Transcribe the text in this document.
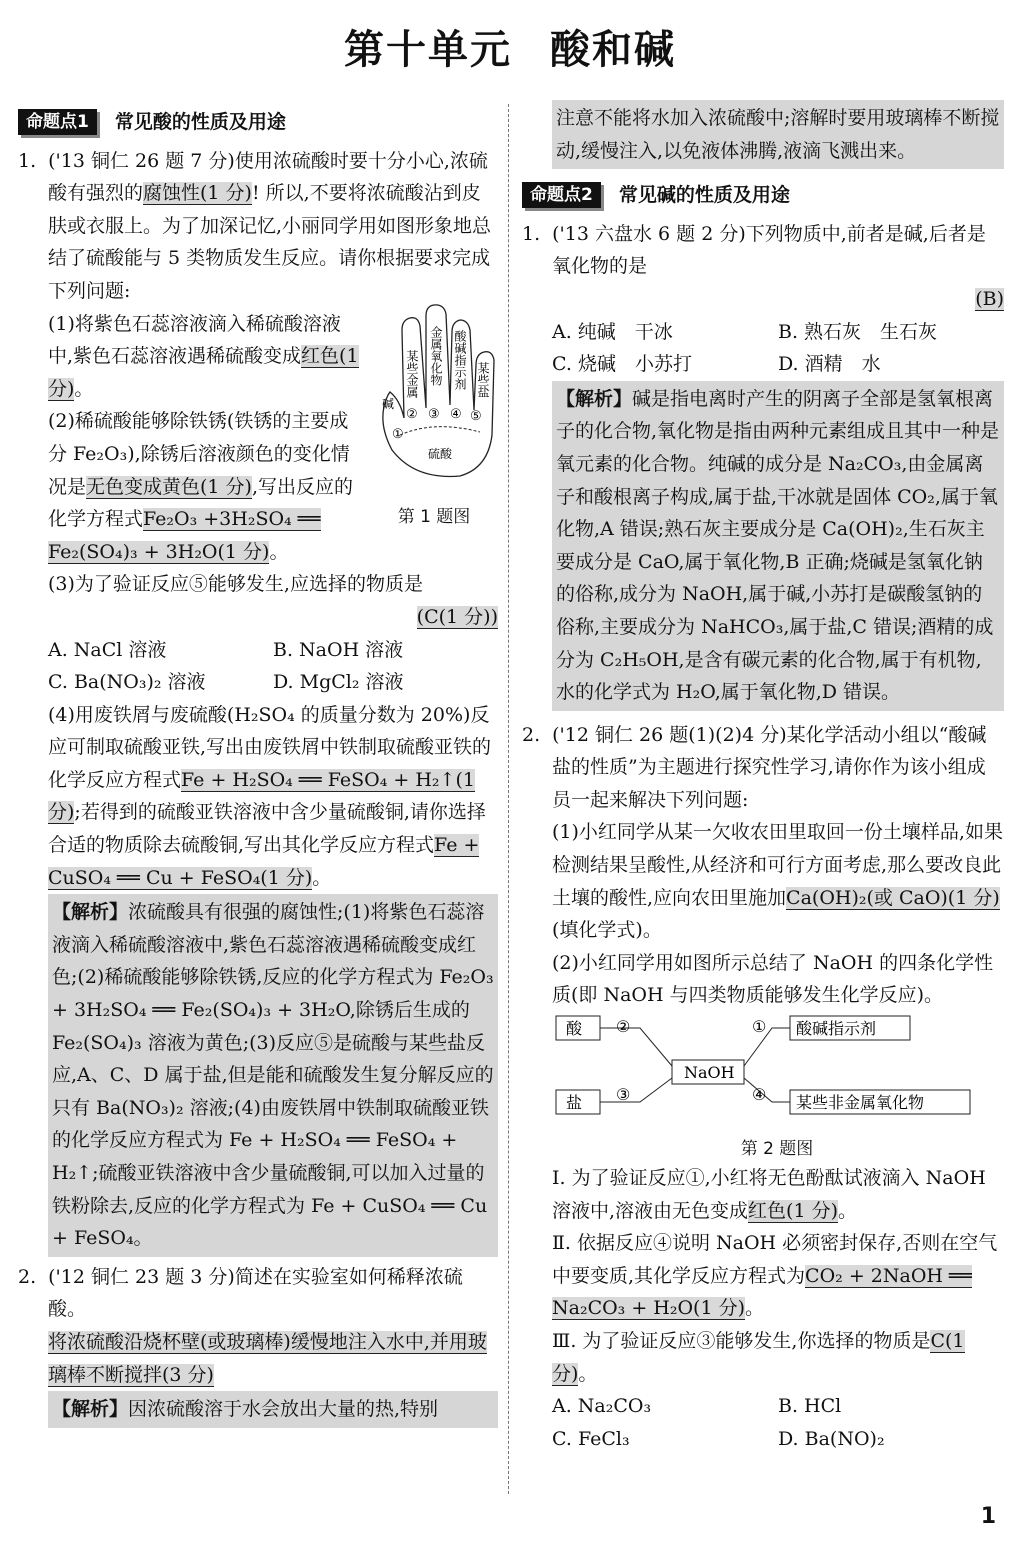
第十单元 酸和碱
命题点1	常见酸的性质及用途

1. ('13 铜仁 26 题 7 分)使用浓硫酸时要十分小心,浓硫酸有强烈的腐蚀性(1 分)! 所以,不要将浓硫酸沾到皮肤或衣服上。为了加深记忆,小丽同学用如图形象地总结了硫酸能与 5 类物质发生反应。请你根据要求完成下列问题:

某些金属 金属氧化物 酸碱指示剂 某些盐
碱
硫酸
①
② ③ ④ ⑤
第 1 题图

(1)将紫色石蕊溶液滴入稀硫酸溶液中,紫色石蕊溶液遇稀硫酸变成红色(1 分)。

(2)稀硫酸能够除铁锈(铁锈的主要成分 Fe₂O₃),除锈后溶液颜色的变化情况是无色变成黄色(1 分),写出反应的化学方程式Fe₂O₃ +3H₂SO₄ ══ Fe₂(SO₄)₃ + 3H₂O(1 分)。

(3)为了验证反应⑤能够发生,应选择的物质是

(C(1 分))

A. NaCl 溶液	B. NaOH 溶液
C. Ba(NO₃)₂ 溶液	D. MgCl₂ 溶液

(4)用废铁屑与废硫酸(H₂SO₄ 的质量分数为 20%)反应可制取硫酸亚铁,写出由废铁屑中铁制取硫酸亚铁的化学反应方程式Fe + H₂SO₄ ══ FeSO₄ + H₂↑(1 分);若得到的硫酸亚铁溶液中含少量硫酸铜,请你选择合适的物质除去硫酸铜,写出其化学反应方程式Fe + CuSO₄ ══ Cu + FeSO₄(1 分)。

【解析】浓硫酸具有很强的腐蚀性;(1)将紫色石蕊溶液滴入稀硫酸溶液中,紫色石蕊溶液遇稀硫酸变成红色;(2)稀硫酸能够除铁锈,反应的化学方程式为 Fe₂O₃ + 3H₂SO₄ ══ Fe₂(SO₄)₃ + 3H₂O,除锈后生成的 Fe₂(SO₄)₃ 溶液为黄色;(3)反应⑤是硫酸与某些盐反应,A、C、D 属于盐,但是能和硫酸发生复分解反应的只有 Ba(NO₃)₂ 溶液;(4)由废铁屑中铁制取硫酸亚铁的化学反应方程式为 Fe + H₂SO₄ ══ FeSO₄ + H₂↑;硫酸亚铁溶液中含少量硫酸铜,可以加入过量的铁粉除去,反应的化学方程式为 Fe + CuSO₄ ══ Cu + FeSO₄。

2. ('12 铜仁 23 题 3 分)简述在实验室如何稀释浓硫酸。

将浓硫酸沿烧杯壁(或玻璃棒)缓慢地注入水中,并用玻璃棒不断搅拌(3 分)

【解析】因浓硫酸溶于水会放出大量的热,特别
注意不能将水加入浓硫酸中;溶解时要用玻璃棒不断搅动,缓慢注入,以免液体沸腾,液滴飞溅出来。
命题点2	常见碱的性质及用途

1. ('13 六盘水 6 题 2 分)下列物质中,前者是碱,后者是氧化物的是

(B)

A. 纯碱　干冰	B. 熟石灰　生石灰
C. 烧碱　小苏打	D. 酒精　水
【解析】碱是指电离时产生的阴离子全部是氢氧根离子的化合物,氧化物是指由两种元素组成且其中一种是氧元素的化合物。纯碱的成分是 Na₂CO₃,由金属离子和酸根离子构成,属于盐,干冰就是固体 CO₂,属于氧化物,A 错误;熟石灰主要成分是 Ca(OH)₂,生石灰主要成分是 CaO,属于氧化物,B 正确;烧碱是氢氧化钠的俗称,成分为 NaOH,属于碱,小苏打是碳酸氢钠的俗称,主要成分为 NaHCO₃,属于盐,C 错误;酒精的成分为 C₂H₅OH,是含有碳元素的化合物,属于有机物,水的化学式为 H₂O,属于氧化物,D 错误。

2. ('12 铜仁 26 题(1)(2)4 分)某化学活动小组以“酸碱盐的性质”为主题进行探究性学习,请你作为该小组成员一起来解决下列问题:

(1)小红同学从某一欠收农田里取回一份土壤样品,如果检测结果呈酸性,从经济和可行方面考虑,那么要改良此土壤的酸性,应向农田里施加Ca(OH)₂(或 CaO)(1 分)(填化学式)。

(2)小红同学用如图所示总结了 NaOH 的四条化学性质(即 NaOH 与四类物质能够发生化学反应)。

NaOH
酸	酸碱指示剂
盐	某些非金属氧化物
②	①
③	④
第 2 题图

Ⅰ. 为了验证反应①,小红将无色酚酞试液滴入 NaOH 溶液中,溶液由无色变成红色(1 分)。

Ⅱ. 依据反应④说明 NaOH 必须密封保存,否则在空气中要变质,其化学反应方程式为CO₂ + 2NaOH ══ Na₂CO₃ + H₂O(1 分)。

Ⅲ. 为了验证反应③能够发生,你选择的物质是C(1 分)。

A. Na₂CO₃	B. HCl
C. FeCl₃	D. Ba(NO)₂
1
